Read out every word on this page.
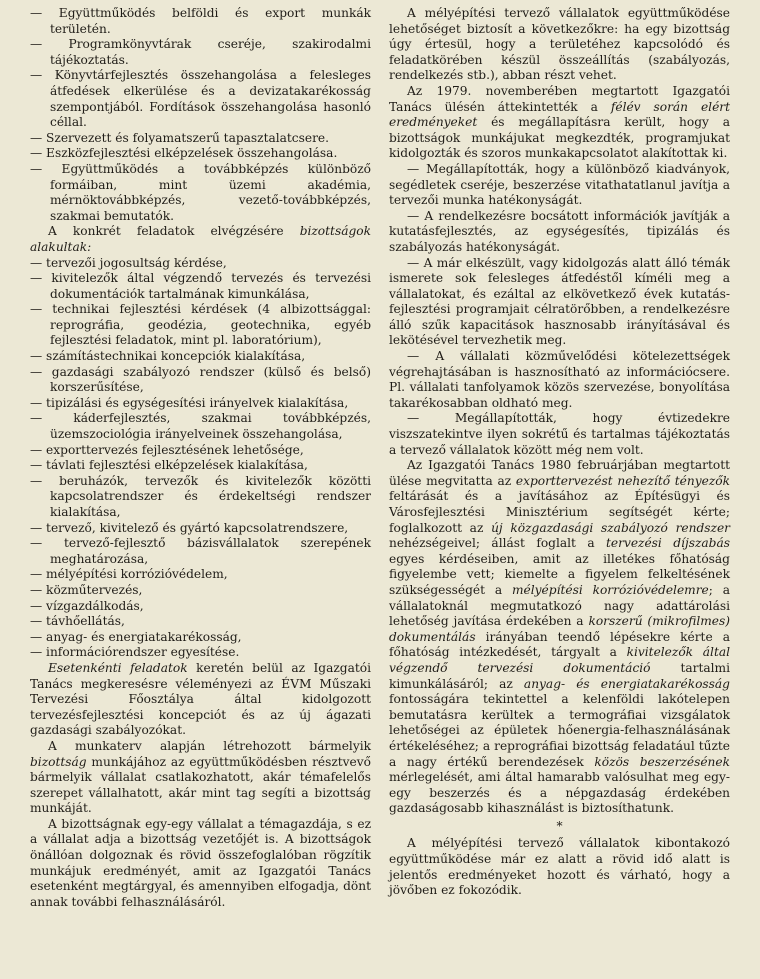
— Együttműködés belföldi és export munkák területén.

— Programkönyvtárak cseréje, szakirodalmi tájékoztatás.

— Könyvtárfejlesztés összehangolása a felesleges átfedések elkerülése és a devizatakarékosság szempontjából. Fordítások összehangolása hasonló céllal.

— Szervezett és folyamatszerű tapasztalatcsere.

— Eszközfejlesztési elképzelések összehangolása.

— Együttműködés a továbbképzés különböző formáiban, mint üzemi akadémia, mérnöktovábbképzés, vezető-továbbképzés, szakmai bemutatók.

A konkrét feladatok elvégzésére bizottságok alakultak:

— tervezői jogosultság kérdése,

— kivitelezők által végzendő tervezés és tervezési dokumentációk tartalmának kimunkálása,

— technikai fejlesztési kérdések (4 albizottsággal: reprográfia, geodézia, geotechnika, egyéb fejlesztési feladatok, mint pl. laboratórium),

— számítástechnikai koncepciók kialakítása,

— gazdasági szabályozó rendszer (külső és belső) korszerűsítése,

— tipizálási és egységesítési irányelvek kialakítása,

— káderfejlesztés, szakmai továbbképzés, üzemszociológia irányelveinek összehangolása,

— exporttervezés fejlesztésének lehetősége,

— távlati fejlesztési elképzelések kialakítása,

— beruházók, tervezők és kivitelezők közötti kapcsolatrendszer és érdekeltségi rendszer kialakítása,

— tervező, kivitelező és gyártó kapcsolatrendszere,

— tervező-fejlesztő bázisvállalatok szerepének meghatározása,

— mélyépítési korrózióvédelem,

— közműtervezés,

— vízgazdálkodás,

— távhőellátás,

— anyag- és energiatakarékosság,

— információrendszer egyesítése.

Esetenkénti feladatok keretén belül az Igazgatói Tanács megkeresésre véleményezi az ÉVM Műszaki Tervezési Főosztálya által kidolgozott tervezésfejlesztési koncepciót és az új ágazati gazdasági szabályozókat.

A munkaterv alapján létrehozott bármelyik bizottság munkájához az együttműködésben résztvevő bármelyik vállalat csatlakozhatott, akár témafelelős szerepet vállalhatott, akár mint tag segíti a bizottság munkáját.

A bizottságnak egy-egy vállalat a témagazdája, s ez a vállalat adja a bizottság vezetőjét is. A bizottságok önállóan dolgoznak és rövid összefoglalóban rögzítik munkájuk eredményét, amit az Igazgatói Tanács esetenként megtárgyal, és amennyiben elfogadja, dönt annak további felhasználásáról.

A mélyépítési tervező vállalatok együttműködése lehetőséget biztosít a következőkre: ha egy bizottság úgy értesül, hogy a területéhez kapcsolódó és feladatkörében készül összeállítás (szabályozás, rendelkezés stb.), abban részt vehet.

Az 1979. novemberében megtartott Igazgatói Tanács ülésén áttekintették a félév során elért eredményeket és megállapításra került, hogy a bizottságok munkájukat megkezdték, programjukat kidolgozták és szoros munkakapcsolatot alakítottak ki.

— Megállapították, hogy a különböző kiadványok, segédletek cseréje, beszerzése vitathatatlanul javítja a tervezői munka hatékonyságát.

— A rendelkezésre bocsátott információk javítják a kutatásfejlesztés, az egységesítés, tipizálás és szabályozás hatékonyságát.

— A már elkészült, vagy kidolgozás alatt álló témák ismerete sok felesleges átfedéstől kíméli meg a vállalatokat, és ezáltal az elkövetkező évek kutatás-fejlesztési programjait célratörőbben, a rendelkezésre álló szűk kapacitások hasznosabb irányításával és lekötésével tervezhetik meg.

— A vállalati közművelődési kötelezettségek végrehajtásában is hasznosítható az információcsere. Pl. vállalati tanfolyamok közös szervezése, bonyolítása takarékosabban oldható meg.

— Megállapították, hogy évtizedekre viszszatekintve ilyen sokrétű és tartalmas tájékoztatás a tervező vállalatok között még nem volt.

Az Igazgatói Tanács 1980 februárjában megtartott ülése megvitatta az exporttervezést nehezítő tényezők feltárását és a javításához az Építésügyi és Városfejlesztési Minisztérium segítségét kérte; foglalkozott az új közgazdasági szabályozó rendszer nehézségeivel; állást foglalt a tervezési díjszabás egyes kérdéseiben, amit az illetékes főhatóság figyelembe vett; kiemelte a figyelem felkeltésének szükségességét a mélyépítési korrózióvédelemre; a vállalatoknál megmutatkozó nagy adattárolási lehetőség javítása érdekében a korszerű (mikrofilmes) dokumentálás irányában teendő lépésekre kérte a főhatóság intézkedését, tárgyalt a kivitelezők által végzendő tervezési dokumentáció tartalmi kimunkálásáról; az anyag- és energiatakarékosság fontosságára tekintettel a kelenföldi lakótelepen bemutatásra kerültek a termográfiai vizsgálatok lehetőségei az épületek hőenergia-felhasználásának értékeléséhez; a reprográfiai bizottság feladatául tűzte a nagy értékű berendezések közös beszerzésének mérlegelését, ami által hamarabb valósulhat meg egy-egy beszerzés és a népgazdaság érdekében gazdaságosabb kihasználást is biztosíthatunk.

*

A mélyépítési tervező vállalatok kibontakozó együttműködése már ez alatt a rövid idő alatt is jelentős eredményeket hozott és várható, hogy a jövőben ez fokozódik.
